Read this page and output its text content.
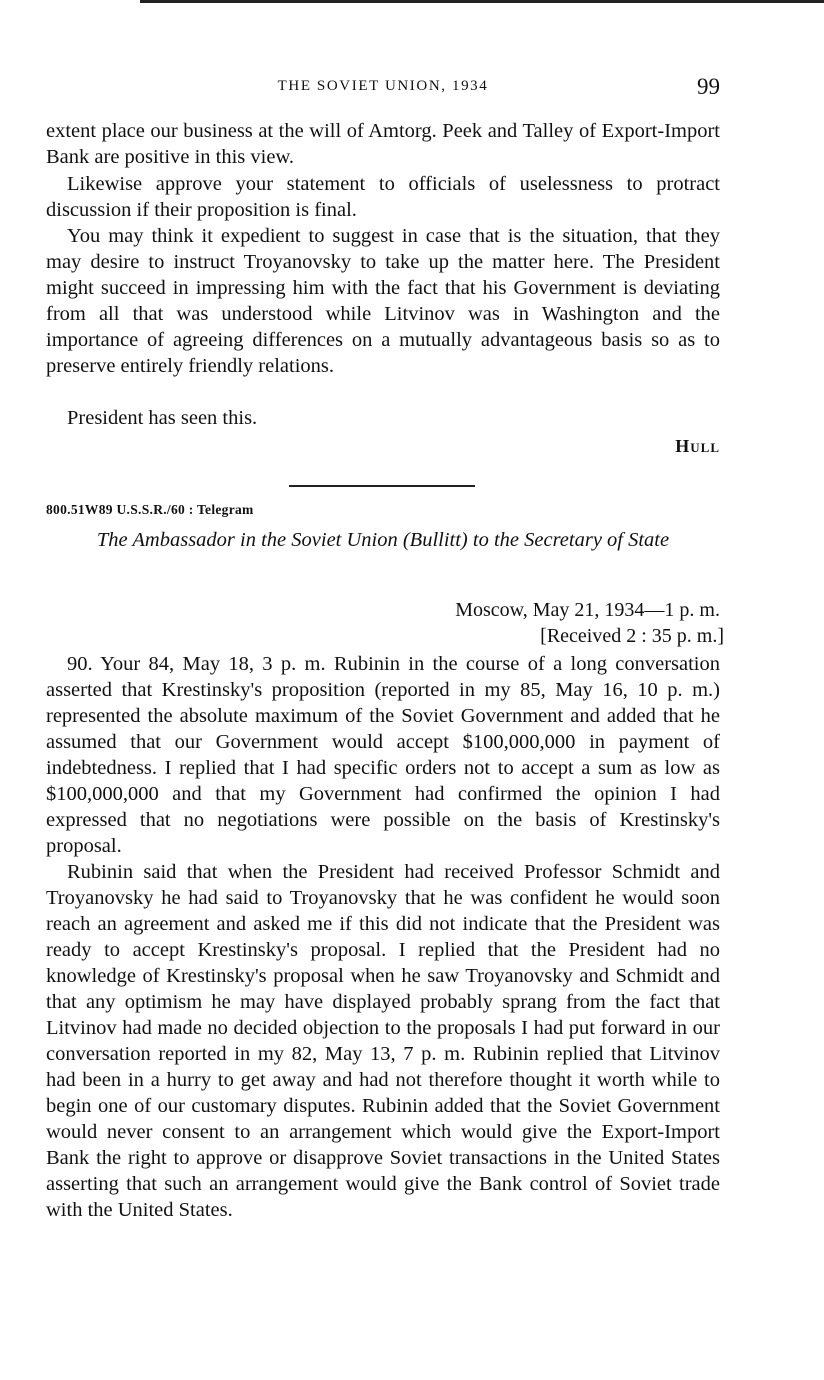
THE SOVIET UNION, 1934	99

extent place our business at the will of Amtorg. Peek and Talley of Export-Import Bank are positive in this view.

Likewise approve your statement to officials of uselessness to protract discussion if their proposition is final.

You may think it expedient to suggest in case that is the situation, that they may desire to instruct Troyanovsky to take up the matter here. The President might succeed in impressing him with the fact that his Government is deviating from all that was understood while Litvinov was in Washington and the importance of agreeing differences on a mutually advantageous basis so as to preserve entirely friendly relations.

President has seen this.

Hull
800.51W89 U.S.S.R./60 : Telegram

The Ambassador in the Soviet Union (Bullitt) to the Secretary of State

Moscow, May 21, 1934—1 p. m.
[Received 2 : 35 p. m.]

90. Your 84, May 18, 3 p. m. Rubinin in the course of a long conversation asserted that Krestinsky's proposition (reported in my 85, May 16, 10 p. m.) represented the absolute maximum of the Soviet Government and added that he assumed that our Government would accept $100,000,000 in payment of indebtedness. I replied that I had specific orders not to accept a sum as low as $100,000,000 and that my Government had confirmed the opinion I had expressed that no negotiations were possible on the basis of Krestinsky's proposal.

Rubinin said that when the President had received Professor Schmidt and Troyanovsky he had said to Troyanovsky that he was confident he would soon reach an agreement and asked me if this did not indicate that the President was ready to accept Krestinsky's proposal. I replied that the President had no knowledge of Krestinsky's proposal when he saw Troyanovsky and Schmidt and that any optimism he may have displayed probably sprang from the fact that Litvinov had made no decided objection to the proposals I had put forward in our conversation reported in my 82, May 13, 7 p. m. Rubinin replied that Litvinov had been in a hurry to get away and had not therefore thought it worth while to begin one of our customary disputes. Rubinin added that the Soviet Government would never consent to an arrangement which would give the Export-Import Bank the right to approve or disapprove Soviet transactions in the United States asserting that such an arrangement would give the Bank control of Soviet trade with the United States.
